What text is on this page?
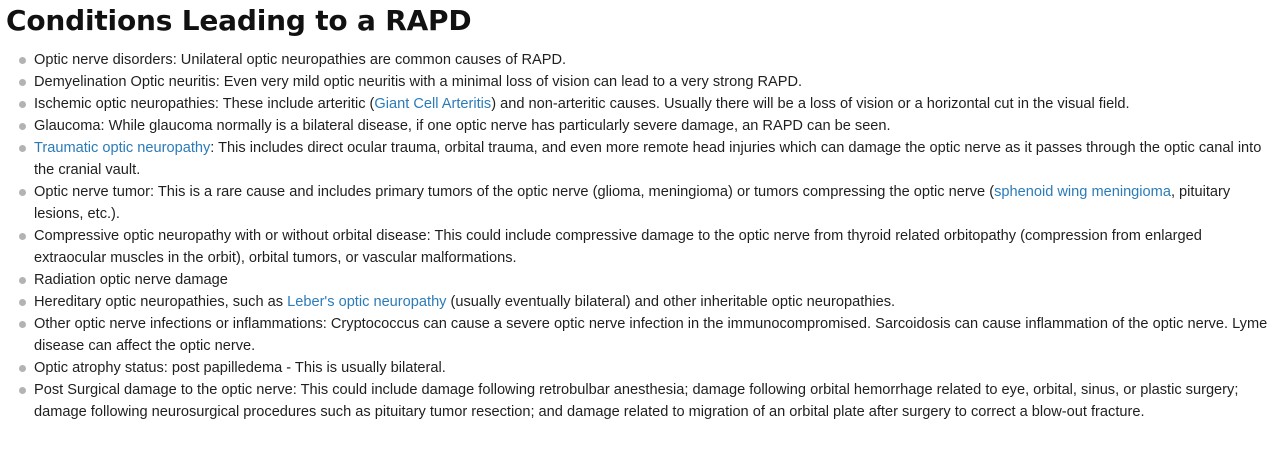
Conditions Leading to a RAPD
Optic nerve disorders: Unilateral optic neuropathies are common causes of RAPD.
Demyelination Optic neuritis: Even very mild optic neuritis with a minimal loss of vision can lead to a very strong RAPD.
Ischemic optic neuropathies: These include arteritic (Giant Cell Arteritis) and non-arteritic causes. Usually there will be a loss of vision or a horizontal cut in the visual field.
Glaucoma: While glaucoma normally is a bilateral disease, if one optic nerve has particularly severe damage, an RAPD can be seen.
Traumatic optic neuropathy: This includes direct ocular trauma, orbital trauma, and even more remote head injuries which can damage the optic nerve as it passes through the optic canal into the cranial vault.
Optic nerve tumor: This is a rare cause and includes primary tumors of the optic nerve (glioma, meningioma) or tumors compressing the optic nerve (sphenoid wing meningioma, pituitary lesions, etc.).
Compressive optic neuropathy with or without orbital disease: This could include compressive damage to the optic nerve from thyroid related orbitopathy (compression from enlarged extraocular muscles in the orbit), orbital tumors, or vascular malformations.
Radiation optic nerve damage
Hereditary optic neuropathies, such as Leber's optic neuropathy (usually eventually bilateral) and other inheritable optic neuropathies.
Other optic nerve infections or inflammations: Cryptococcus can cause a severe optic nerve infection in the immunocompromised. Sarcoidosis can cause inflammation of the optic nerve. Lyme disease can affect the optic nerve.
Optic atrophy status: post papilledema - This is usually bilateral.
Post Surgical damage to the optic nerve: This could include damage following retrobulbar anesthesia; damage following orbital hemorrhage related to eye, orbital, sinus, or plastic surgery; damage following neurosurgical procedures such as pituitary tumor resection; and damage related to migration of an orbital plate after surgery to correct a blow-out fracture.
